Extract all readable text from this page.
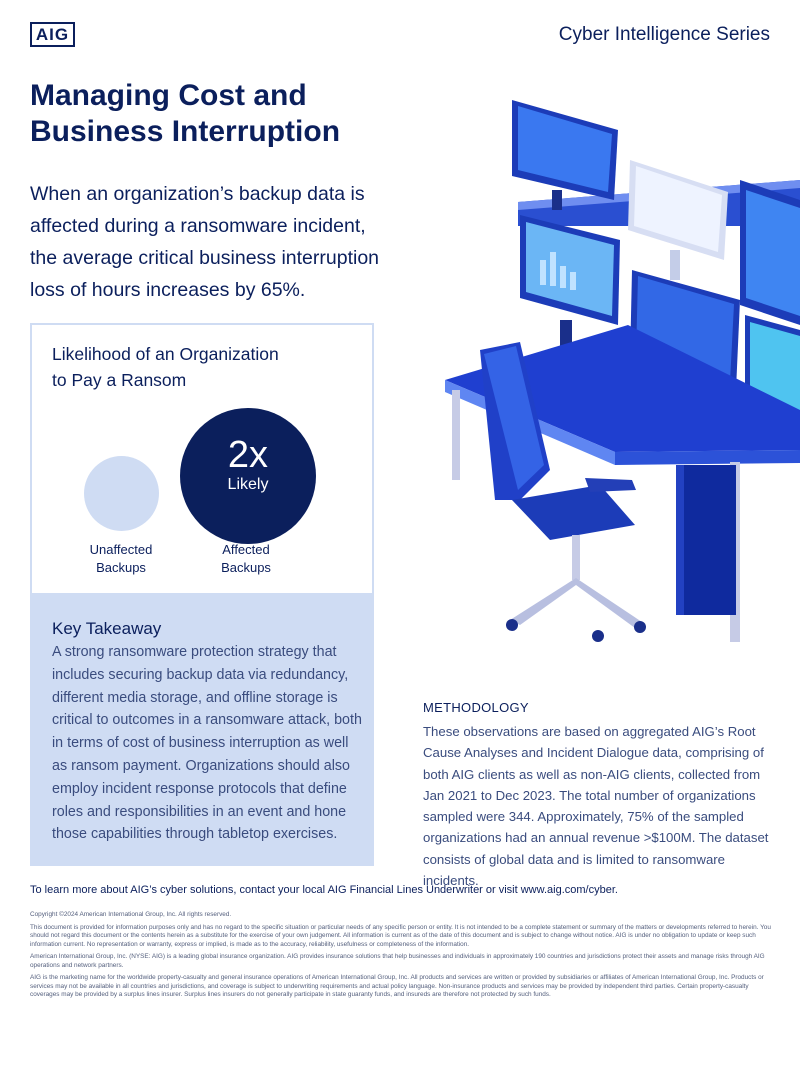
AIG	Cyber Intelligence Series
Managing Cost and
Business Interruption

When an organization’s backup data is affected during a ransomware incident, the average critical business interruption loss of hours increases by 65%.

Likelihood of an Organization
to Pay a Ransom
2x
Likely
Unaffected
Backups
Affected
Backups
Key Takeaway

A strong ransomware protection strategy that includes securing backup data via redundancy, different media storage, and offline storage is critical to outcomes in a ransomware attack, both in terms of cost of business interruption as well as ransom payment. Organizations should also employ incident response protocols that define roles and responsibilities in an event and hone those capabilities through tabletop exercises.

METHODOLOGY

These observations are based on aggregated AIG’s Root Cause Analyses and Incident Dialogue data, comprising of both AIG clients as well as non-AIG clients, collected from Jan 2021 to Dec 2023. The total number of organizations sampled were 344. Approximately, 75% of the sampled organizations had an annual revenue >$100M. The dataset consists of global data and is limited to ransomware incidents.

To learn more about AIG’s cyber solutions, contact your local AIG Financial Lines Underwriter or visit www.aig.com/cyber.

Copyright ©2024 American International Group, Inc. All rights reserved.

This document is provided for information purposes only and has no regard to the specific situation or particular needs of any specific person or entity. It is not intended to be a complete statement or summary of the matters or developments referred to herein. You should not regard this document or the contents herein as a substitute for the exercise of your own judgement. All information is current as of the date of this document and is subject to change without notice. AIG is under no obligation to update or keep such information current. No representation or warranty, express or implied, is made as to the accuracy, reliability, usefulness or completeness of the information.

American International Group, Inc. (NYSE: AIG) is a leading global insurance organization. AIG provides insurance solutions that help businesses and individuals in approximately 190 countries and jurisdictions protect their assets and manage risks through AIG operations and network partners.

AIG is the marketing name for the worldwide property-casualty and general insurance operations of American International Group, Inc. All products and services are written or provided by subsidiaries or affiliates of American International Group, Inc. Products or services may not be available in all countries and jurisdictions, and coverage is subject to underwriting requirements and actual policy language. Non-insurance products and services may be provided by independent third parties. Certain property-casualty coverages may be provided by a surplus lines insurer. Surplus lines insurers do not generally participate in state guaranty funds, and insureds are therefore not protected by such funds.
